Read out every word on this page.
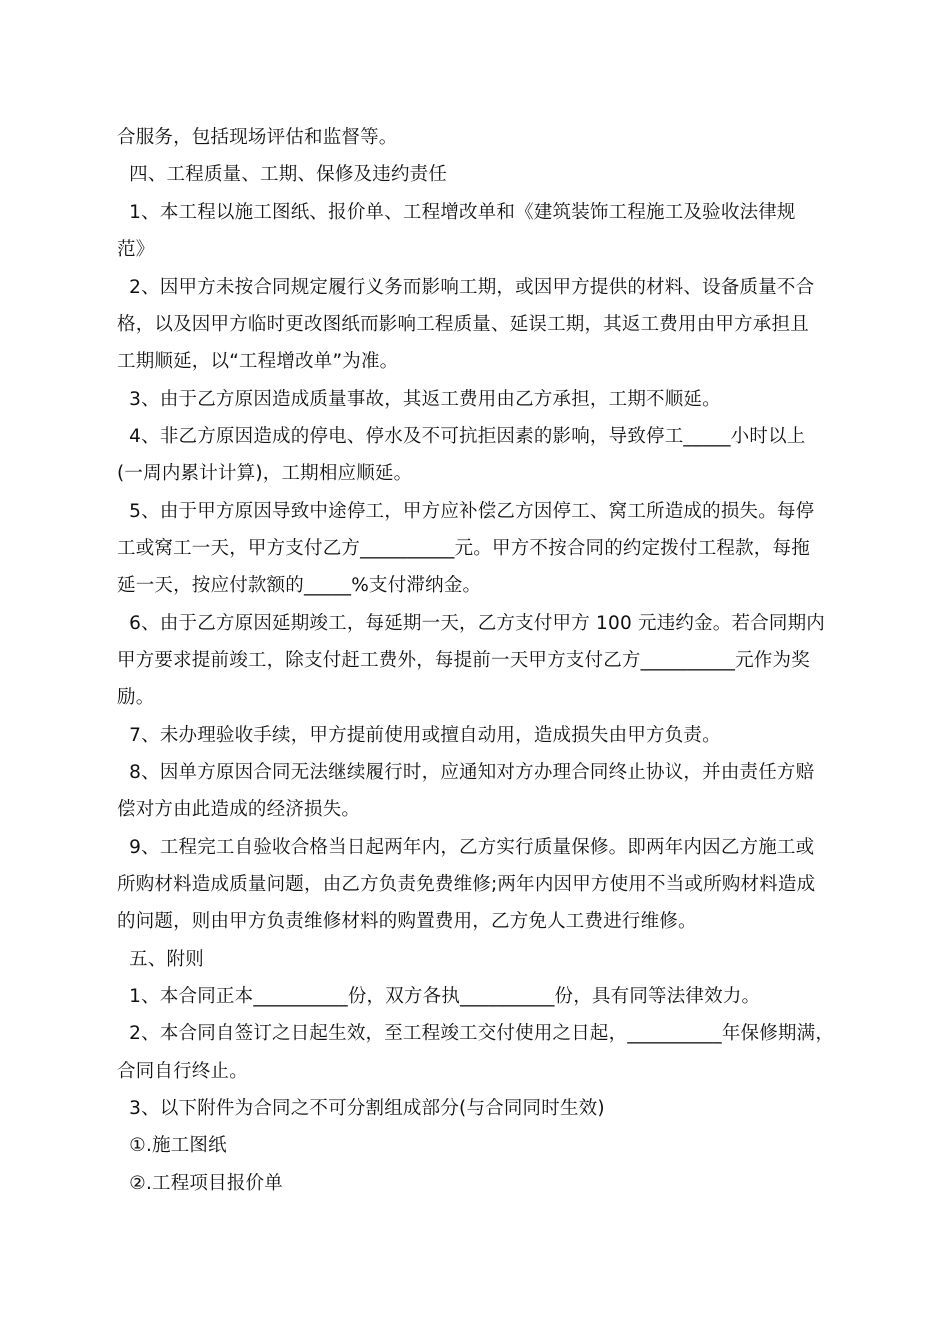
合服务，包括现场评估和监督等。
四、工程质量、工期、保修及违约责任
1、本工程以施工图纸、报价单、工程增改单和《建筑装饰工程施工及验收法律规
范》
2、因甲方未按合同规定履行义务而影响工期，或因甲方提供的材料、设备质量不合
格，以及因甲方临时更改图纸而影响工程质量、延误工期，其返工费用由甲方承担且
工期顺延，以“工程增改单”为准。
3、由于乙方原因造成质量事故，其返工费用由乙方承担，工期不顺延。
4、非乙方原因造成的停电、停水及不可抗拒因素的影响，导致停工_____小时以上
(一周内累计计算)，工期相应顺延。
5、由于甲方原因导致中途停工，甲方应补偿乙方因停工、窝工所造成的损失。每停
工或窝工一天，甲方支付乙方__________元。甲方不按合同的约定拨付工程款，每拖
延一天，按应付款额的_____%支付滞纳金。
6、由于乙方原因延期竣工，每延期一天，乙方支付甲方 100 元违约金。若合同期内
甲方要求提前竣工，除支付赶工费外，每提前一天甲方支付乙方__________元作为奖
励。
7、未办理验收手续，甲方提前使用或擅自动用，造成损失由甲方负责。
8、因单方原因合同无法继续履行时，应通知对方办理合同终止协议，并由责任方赔
偿对方由此造成的经济损失。
9、工程完工自验收合格当日起两年内，乙方实行质量保修。即两年内因乙方施工或
所购材料造成质量问题，由乙方负责免费维修;两年内因甲方使用不当或所购材料造成
的问题，则由甲方负责维修材料的购置费用，乙方免人工费进行维修。
五、附则
1、本合同正本__________份，双方各执__________份，具有同等法律效力。
2、本合同自签订之日起生效，至工程竣工交付使用之日起，__________年保修期满，
合同自行终止。
3、以下附件为合同之不可分割组成部分(与合同同时生效)
①.施工图纸
②.工程项目报价单
